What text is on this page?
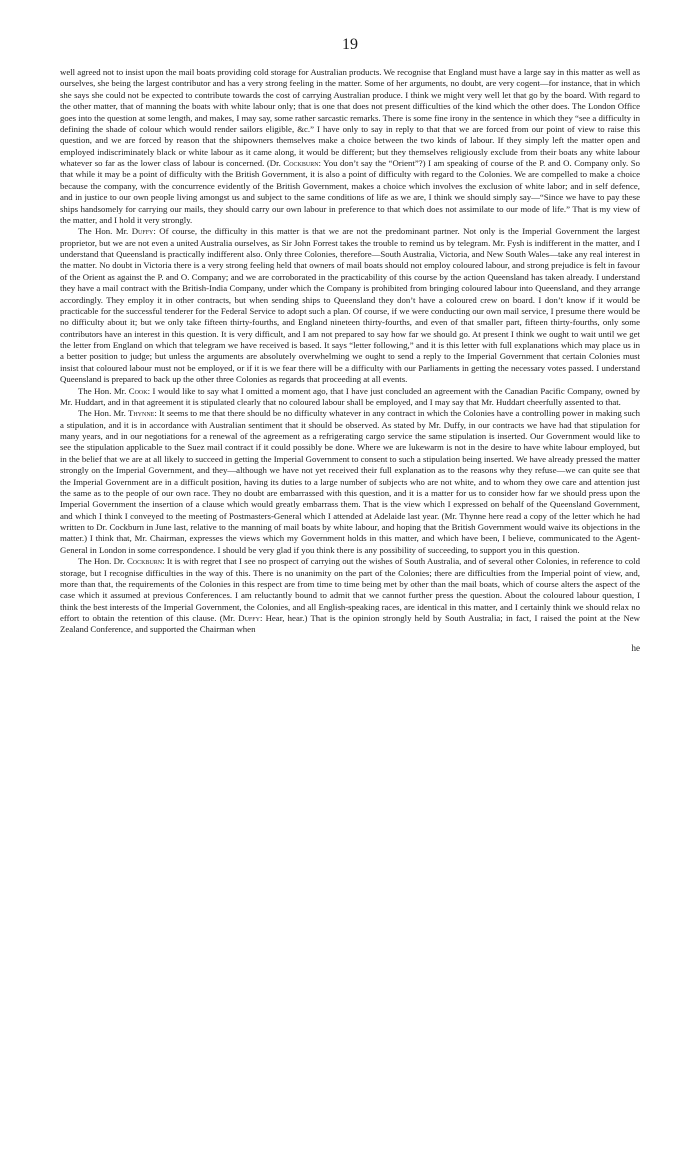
19

well agreed not to insist upon the mail boats providing cold storage for Australian products. We recognise that England must have a large say in this matter as well as ourselves, she being the largest contributor and has a very strong feeling in the matter. Some of her arguments, no doubt, are very cogent—for instance, that in which she says she could not be expected to contribute towards the cost of carrying Australian produce. I think we might very well let that go by the board. With regard to the other matter, that of manning the boats with white labour only; that is one that does not present difficulties of the kind which the other does. The London Office goes into the question at some length, and makes, I may say, some rather sarcastic remarks. There is some fine irony in the sentence in which they “see a difficulty in defining the shade of colour which would render sailors eligible, &c.” I have only to say in reply to that that we are forced from our point of view to raise this question, and we are forced by reason that the shipowners themselves make a choice between the two kinds of labour. If they simply left the matter open and employed indiscriminately black or white labour as it came along, it would be different; but they themselves religiously exclude from their boats any white labour whatever so far as the lower class of labour is concerned. (Dr. Cockburn: You don’t say the “Orient”?) I am speaking of course of the P. and O. Company only. So that while it may be a point of difficulty with the British Government, it is also a point of difficulty with regard to the Colonies. We are compelled to make a choice because the company, with the concurrence evidently of the British Government, makes a choice which involves the exclusion of white labor; and in self defence, and in justice to our own people living amongst us and subject to the same conditions of life as we are, I think we should simply say—“Since we have to pay these ships handsomely for carrying our mails, they should carry our own labour in preference to that which does not assimilate to our mode of life.” That is my view of the matter, and I hold it very strongly.

The Hon. Mr. Duffy: Of course, the difficulty in this matter is that we are not the predominant partner. Not only is the Imperial Government the largest proprietor, but we are not even a united Australia ourselves, as Sir John Forrest takes the trouble to remind us by telegram. Mr. Fysh is indifferent in the matter, and I understand that Queensland is practically indifferent also. Only three Colonies, therefore—South Australia, Victoria, and New South Wales—take any real interest in the matter. No doubt in Victoria there is a very strong feeling held that owners of mail boats should not employ coloured labour, and strong prejudice is felt in favour of the Orient as against the P. and O. Company; and we are corroborated in the practicability of this course by the action Queensland has taken already. I understand they have a mail contract with the British-India Company, under which the Company is prohibited from bringing coloured labour into Queensland, and they arrange accordingly. They employ it in other contracts, but when sending ships to Queensland they don’t have a coloured crew on board. I don’t know if it would be practicable for the successful tenderer for the Federal Service to adopt such a plan. Of course, if we were conducting our own mail service, I presume there would be no difficulty about it; but we only take fifteen thirty-fourths, and England nineteen thirty-fourths, and even of that smaller part, fifteen thirty-fourths, only some contributors have an interest in this question. It is very difficult, and I am not prepared to say how far we should go. At present I think we ought to wait until we get the letter from England on which that telegram we have received is based. It says “letter following,” and it is this letter with full explanations which may place us in a better position to judge; but unless the arguments are absolutely overwhelming we ought to send a reply to the Imperial Government that certain Colonies must insist that coloured labour must not be employed, or if it is we fear there will be a difficulty with our Parliaments in getting the necessary votes passed. I understand Queensland is prepared to back up the other three Colonies as regards that proceeding at all events.

The Hon. Mr. Cook: I would like to say what I omitted a moment ago, that I have just concluded an agreement with the Canadian Pacific Company, owned by Mr. Huddart, and in that agreement it is stipulated clearly that no coloured labour shall be employed, and I may say that Mr. Huddart cheerfully assented to that.

The Hon. Mr. Thynne: It seems to me that there should be no difficulty whatever in any contract in which the Colonies have a controlling power in making such a stipulation, and it is in accordance with Australian sentiment that it should be observed. As stated by Mr. Duffy, in our contracts we have had that stipulation for many years, and in our negotiations for a renewal of the agreement as a refrigerating cargo service the same stipulation is inserted. Our Government would like to see the stipulation applicable to the Suez mail contract if it could possibly be done. Where we are lukewarm is not in the desire to have white labour employed, but in the belief that we are at all likely to succeed in getting the Imperial Government to consent to such a stipulation being inserted. We have already pressed the matter strongly on the Imperial Government, and they—although we have not yet received their full explanation as to the reasons why they refuse—we can quite see that the Imperial Government are in a difficult position, having its duties to a large number of subjects who are not white, and to whom they owe care and attention just the same as to the people of our own race. They no doubt are embarrassed with this question, and it is a matter for us to consider how far we should press upon the Imperial Government the insertion of a clause which would greatly embarrass them. That is the view which I expressed on behalf of the Queensland Government, and which I think I conveyed to the meeting of Postmasters-General which I attended at Adelaide last year. (Mr. Thynne here read a copy of the letter which he had written to Dr. Cockburn in June last, relative to the manning of mail boats by white labour, and hoping that the British Government would waive its objections in the matter.) I think that, Mr. Chairman, expresses the views which my Government holds in this matter, and which have been, I believe, communicated to the Agent-General in London in some correspondence. I should be very glad if you think there is any possibility of succeeding, to support you in this question.

The Hon. Dr. Cockburn: It is with regret that I see no prospect of carrying out the wishes of South Australia, and of several other Colonies, in reference to cold storage, but I recognise difficulties in the way of this. There is no unanimity on the part of the Colonies; there are difficulties from the Imperial point of view, and, more than that, the requirements of the Colonies in this respect are from time to time being met by other than the mail boats, which of course alters the aspect of the case which it assumed at previous Conferences. I am reluctantly bound to admit that we cannot further press the question. About the coloured labour question, I think the best interests of the Imperial Government, the Colonies, and all English-speaking races, are identical in this matter, and I certainly think we should relax no effort to obtain the retention of this clause. (Mr. Duffy: Hear, hear.) That is the opinion strongly held by South Australia; in fact, I raised the point at the New Zealand Conference, and supported the Chairman when

he
